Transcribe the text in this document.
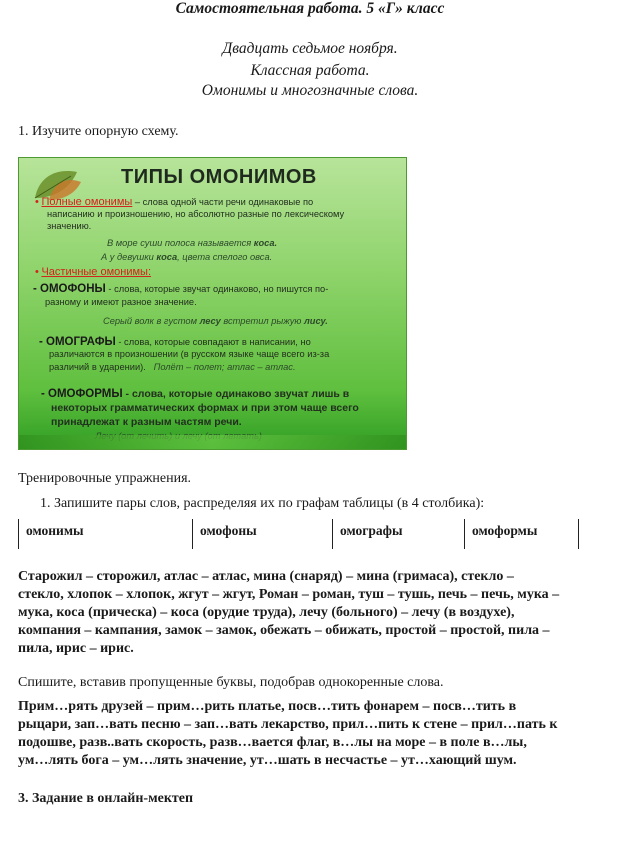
Самостоятельная работа. 5 «Г» класс
Двадцать седьмое ноября.
Классная работа.
Омонимы и многозначные слова.
1. Изучите опорную схему.
ТИПЫ ОМОНИМОВ
• Полные омонимы – слова одной части речи одинаковые по
написанию и произношению, но абсолютно разные по лексическому
значению.
В море суши полоса называется коса.
А у девушки коса, цвета спелого овса.
• Частичные омонимы:
- ОМОФОНЫ - слова, которые звучат одинаково, но пишутся по-
разному и имеют разное значение.
Серый волк в густом лесу встретил рыжую лису.
- ОМОГРАФЫ - слова, которые совпадают в написании, но
различаются в произношении (в русском языке чаще всего из-за
различий в ударении). Полёт – полет; атлас – атлас.
- ОМОФОРМЫ - слова, которые одинаково звучат лишь в
некоторых грамматических формах и при этом чаще всего
принадлежат к разным частям речи.
Тренировочные упражнения.
1. Запишите пары слов, распределяя их по графам таблицы (в 4 столбика):
омонимы	омофоны	омографы	омоформы
Старожил – сторожил, атлас – атлас, мина (снаряд) – мина (гримаса), стекло –
стекло, хлопок – хлопок, жгут – жгут, Роман – роман, туш – тушь, печь – печь, мука –
мука, коса (прическа) – коса (орудие труда), лечу (больного) – лечу (в воздухе),
компания – кампания, замок – замок, обежать – обижать, простой – простой, пила –
пила, ирис – ирис.
Спишите, вставив пропущенные буквы, подобрав однокоренные слова.
Прим…рять друзей – прим…рить платье, посв…тить фонарем – посв…тить в
рыцари, зап…вать песню – зап…вать лекарство, прил…пить к стене – прил…пать к
подошве, разв..вать скорость, разв…вается флаг, в…лы на море – в поле в…лы,
ум…лять бога – ум…лять значение, ут…шать в несчастье – ут…хающий шум.
3. Задание в онлайн-мектеп
